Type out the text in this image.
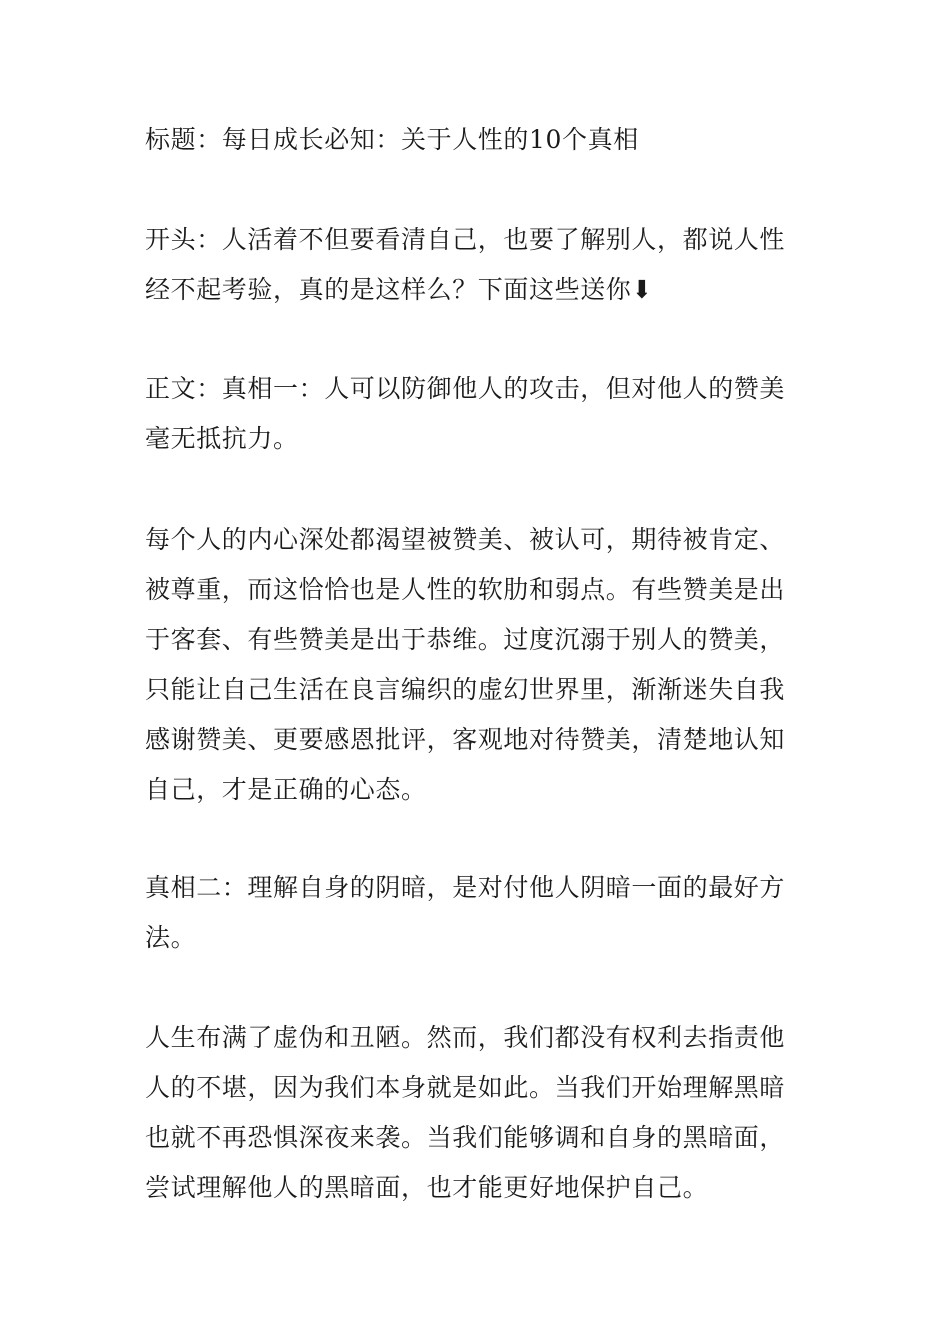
标题：每日成长必知：关于人性的10个真相

开头：人活着不但要看清自己，也要了解别人，都说人性

经不起考验，真的是这样么？下面这些送你⬇

正文：真相一：人可以防御他人的攻击，但对他人的赞美

毫无抵抗力。

每个人的内心深处都渴望被赞美、被认可，期待被肯定、

被尊重，而这恰恰也是人性的软肋和弱点。有些赞美是出

于客套、有些赞美是出于恭维。过度沉溺于别人的赞美，

只能让自己生活在良言编织的虚幻世界里，渐渐迷失自我

感谢赞美、更要感恩批评，客观地对待赞美，清楚地认知

自己，才是正确的心态。

真相二：理解自身的阴暗，是对付他人阴暗一面的最好方

法。

人生布满了虚伪和丑陋。然而，我们都没有权利去指责他

人的不堪，因为我们本身就是如此。当我们开始理解黑暗

也就不再恐惧深夜来袭。当我们能够调和自身的黑暗面，

尝试理解他人的黑暗面，也才能更好地保护自己。
